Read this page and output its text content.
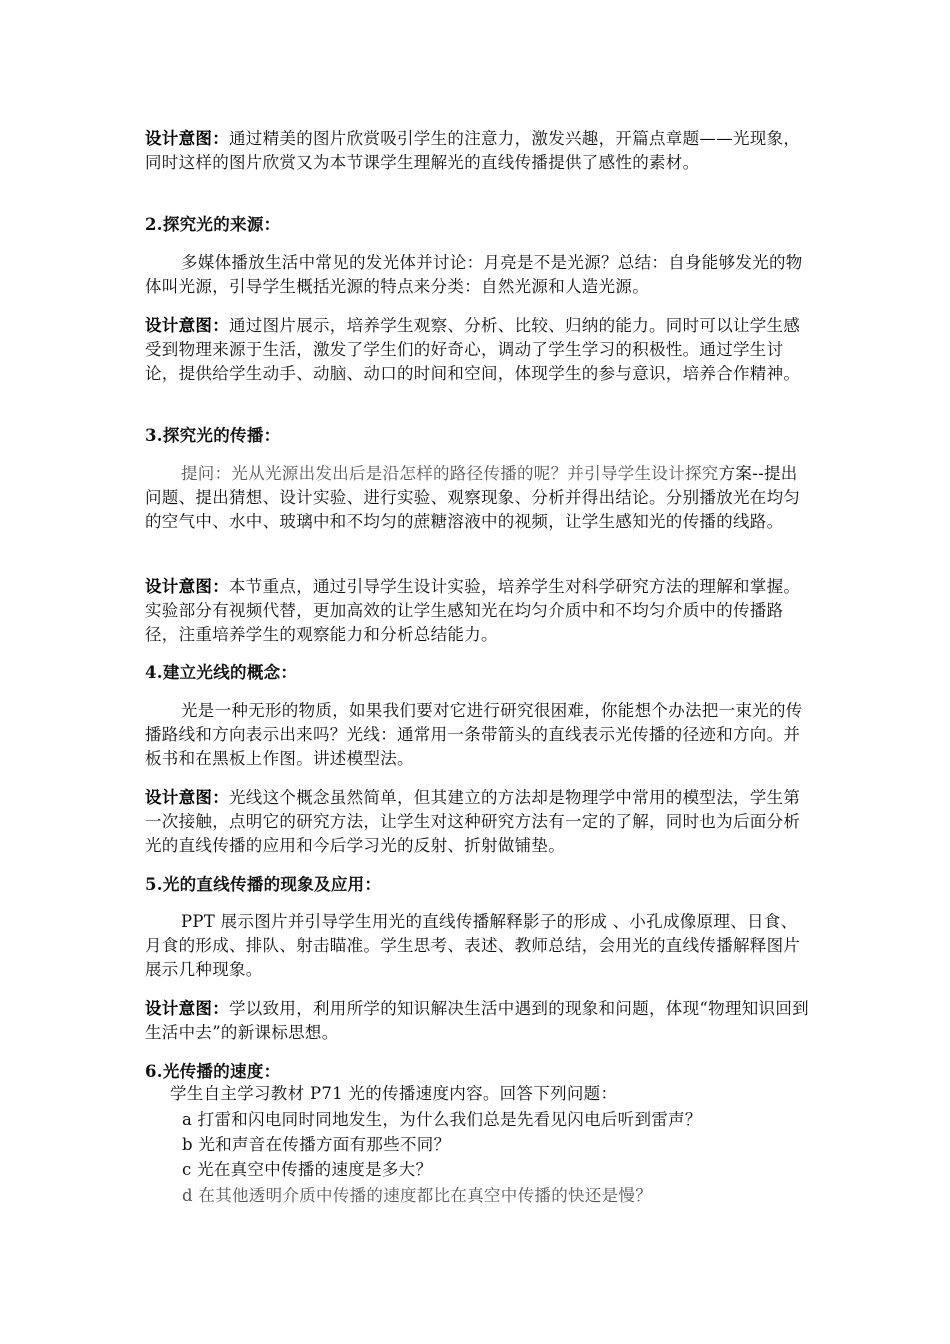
设计意图：通过精美的图片欣赏吸引学生的注意力，激发兴趣，开篇点章题——光现象，同时这样的图片欣赏又为本节课学生理解光的直线传播提供了感性的素材。

2.探究光的来源：

多媒体播放生活中常见的发光体并讨论：月亮是不是光源？总结：自身能够发光的物体叫光源，引导学生概括光源的特点来分类：自然光源和人造光源。

设计意图：通过图片展示，培养学生观察、分析、比较、归纳的能力。同时可以让学生感受到物理来源于生活，激发了学生们的好奇心，调动了学生学习的积极性。通过学生讨论，提供给学生动手、动脑、动口的时间和空间，体现学生的参与意识，培养合作精神。

3.探究光的传播：

提问：光从光源出发出后是沿怎样的路径传播的呢？并引导学生设计探究方案--提出问题、提出猜想、设计实验、进行实验、观察现象、分析并得出结论。分别播放光在均匀的空气中、水中、玻璃中和不均匀的蔗糖溶液中的视频，让学生感知光的传播的线路。

设计意图：本节重点，通过引导学生设计实验，培养学生对科学研究方法的理解和掌握。实验部分有视频代替，更加高效的让学生感知光在均匀介质中和不均匀介质中的传播路径，注重培养学生的观察能力和分析总结能力。

4.建立光线的概念：

光是一种无形的物质，如果我们要对它进行研究很困难，你能想个办法把一束光的传播路线和方向表示出来吗？光线：通常用一条带箭头的直线表示光传播的径迹和方向。并板书和在黑板上作图。讲述模型法。

设计意图：光线这个概念虽然简单，但其建立的方法却是物理学中常用的模型法，学生第一次接触，点明它的研究方法，让学生对这种研究方法有一定的了解，同时也为后面分析光的直线传播的应用和今后学习光的反射、折射做铺垫。

5.光的直线传播的现象及应用：

PPT 展示图片并引导学生用光的直线传播解释影子的形成 、小孔成像原理、日食、月食的形成、排队、射击瞄准。学生思考、表述、教师总结，会用光的直线传播解释图片展示几种现象。

设计意图：学以致用，利用所学的知识解决生活中遇到的现象和问题，体现“物理知识回到生活中去”的新课标思想。

6.光传播的速度：

学生自主学习教材 P71 光的传播速度内容。回答下列问题：

a 打雷和闪电同时同地发生，为什么我们总是先看见闪电后听到雷声？

b 光和声音在传播方面有那些不同？

c 光在真空中传播的速度是多大？

d 在其他透明介质中传播的速度都比在真空中传播的快还是慢？
